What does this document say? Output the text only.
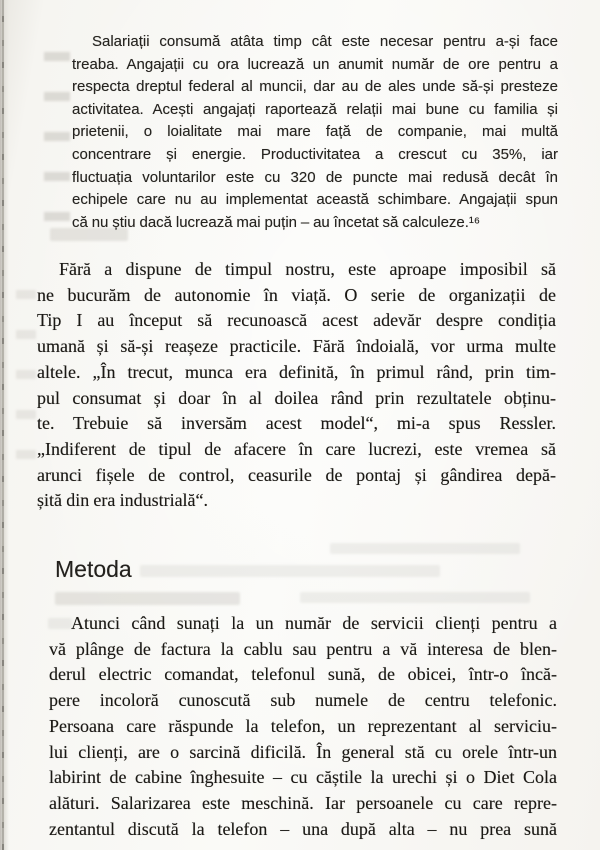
Salariații consumă atâta timp cât este necesar pentru a-și face
treaba. Angajații cu ora lucrează un anumit număr de ore pentru a
respecta dreptul federal al muncii, dar au de ales unde să-și presteze
activitatea. Acești angajați raportează relații mai bune cu familia și
prietenii, o loialitate mai mare față de companie, mai multă
concentrare și energie. Productivitatea a crescut cu 35%, iar
fluctuația voluntarilor este cu 320 de puncte mai redusă decât în
echipele care nu au implementat această schimbare. Angajații spun
că nu știu dacă lucrează mai puțin – au încetat să calculeze.¹⁶
Fără a dispune de timpul nostru, este aproape imposibil să
ne bucurăm de autonomie în viață. O serie de organizații de
Tip I au început să recunoască acest adevăr despre condiția
umană și să-și reașeze practicile. Fără îndoială, vor urma multe
altele. „În trecut, munca era definită, în primul rând, prin tim-
pul consumat și doar în al doilea rând prin rezultatele obținu-
te. Trebuie să inversăm acest model“, mi-a spus Ressler.
„Indiferent de tipul de afacere în care lucrezi, este vremea să
arunci fișele de control, ceasurile de pontaj și gândirea depă-
șită din era industrială“.
Metoda
Atunci când sunați la un număr de servicii clienți pentru a
vă plânge de factura la cablu sau pentru a vă interesa de blen-
derul electric comandat, telefonul sună, de obicei, într-o încă-
pere incoloră cunoscută sub numele de centru telefonic.
Persoana care răspunde la telefon, un reprezentant al serviciu-
lui clienți, are o sarcină dificilă. În general stă cu orele într-un
labirint de cabine înghesuite – cu căștile la urechi și o Diet Cola
alături. Salarizarea este meschină. Iar persoanele cu care repre-
zentantul discută la telefon – una după alta – nu prea sună
